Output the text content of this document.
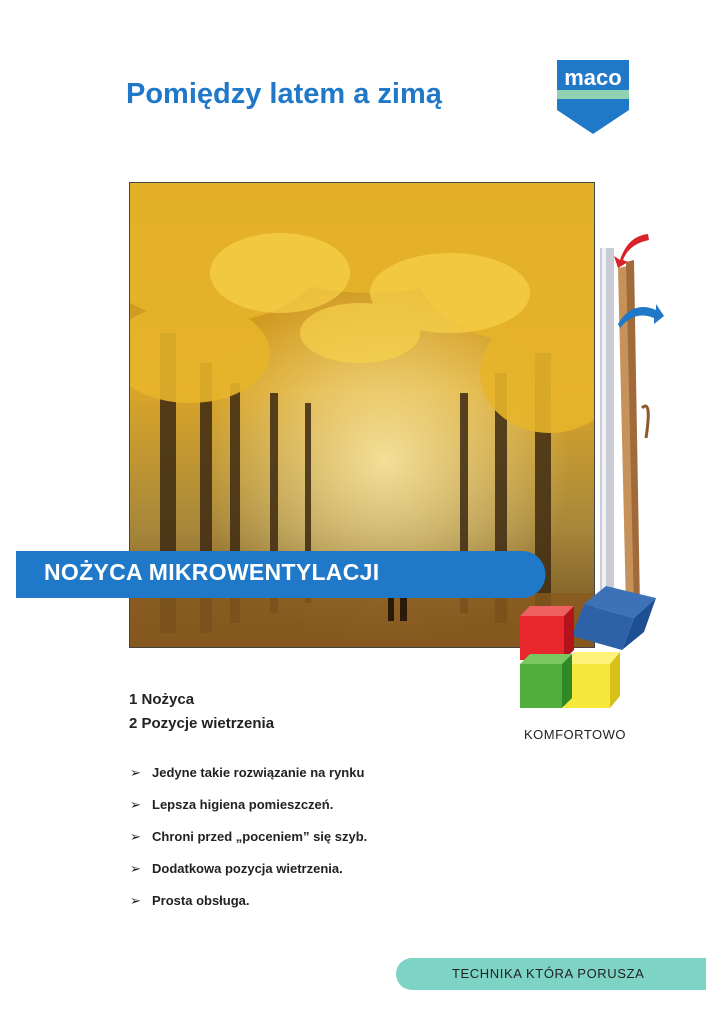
Pomiędzy latem a zimą
maco
NOŻYCA MIKROWENTYLACJI
KOMFORTOWO
1 Nożyca
2 Pozycje wietrzenia
➢ Jedyne takie rozwiązanie na rynku
➢ Lepsza higiena pomieszczeń.
➢ Chroni przed „poceniem” się szyb.
➢ Dodatkowa pozycja wietrzenia.
➢ Prosta obsługa.
TECHNIKA KTÓRA PORUSZA
